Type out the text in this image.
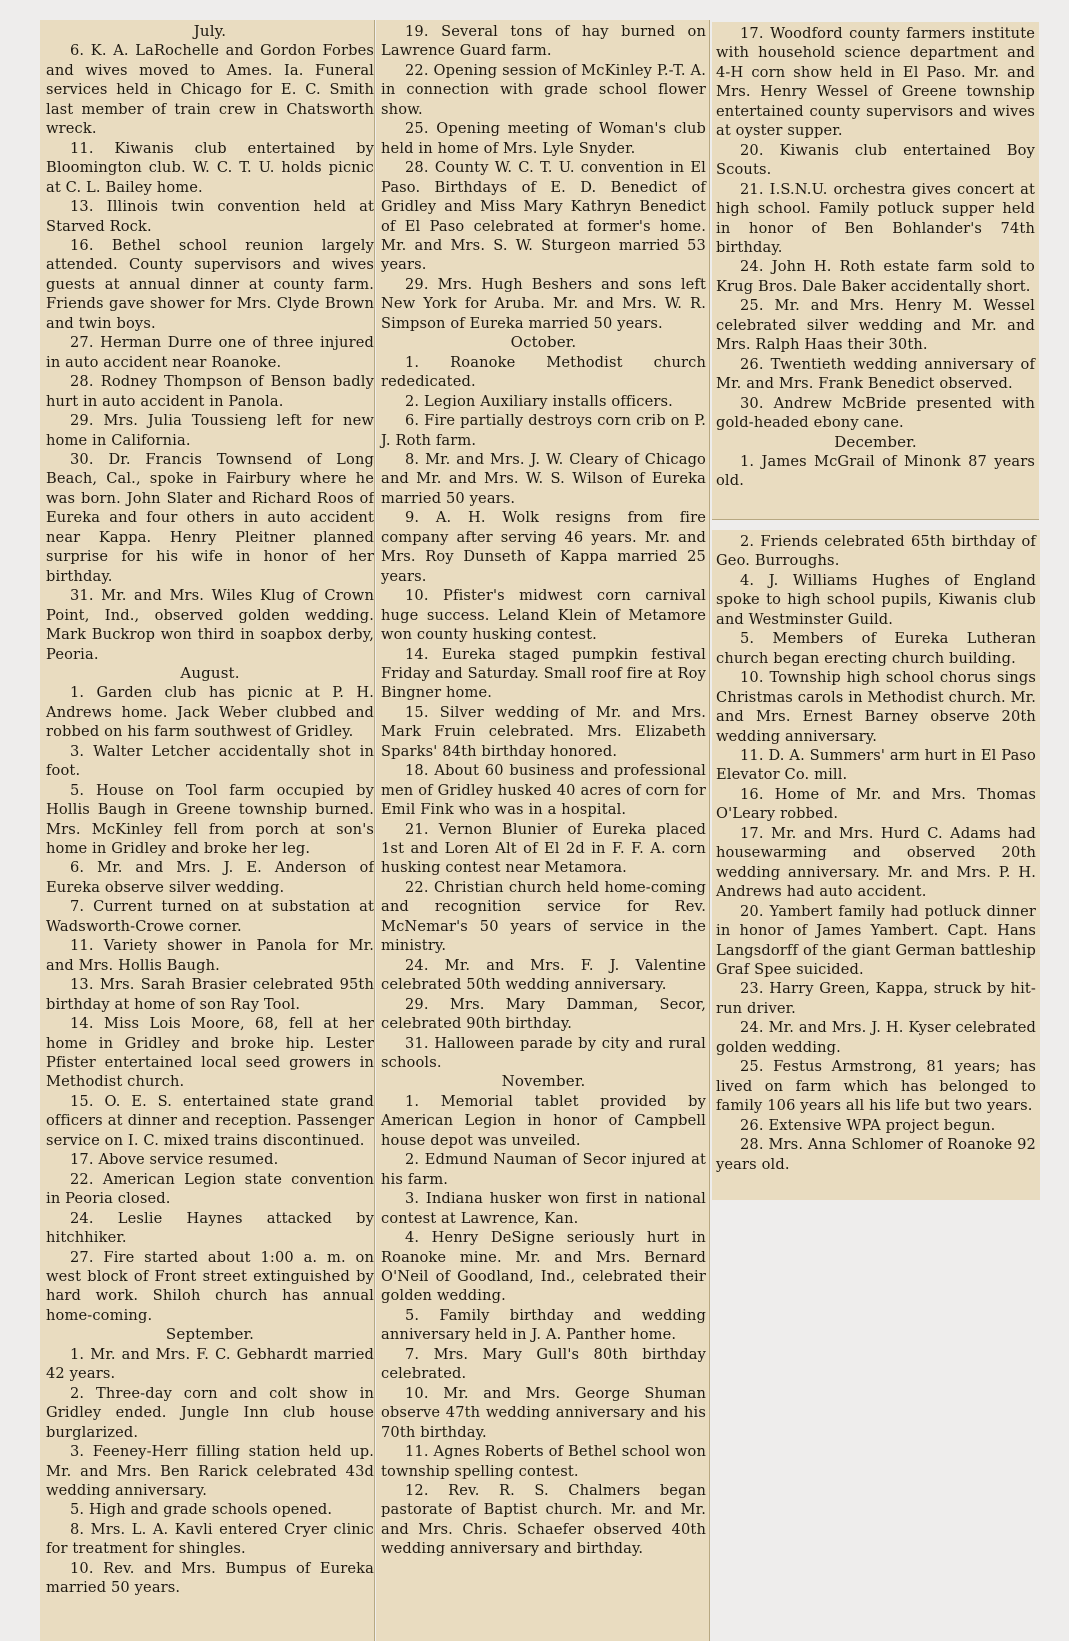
July.

6. K. A. LaRochelle and Gordon Forbes and wives moved to Ames. Ia. Funeral services held in Chicago for E. C. Smith last member of train crew in Chatsworth wreck.

11. Kiwanis club entertained by Bloomington club. W. C. T. U. holds picnic at C. L. Bailey home.

13. Illinois twin convention held at Starved Rock.

16. Bethel school reunion largely attended. County supervisors and wives guests at annual dinner at county farm. Friends gave shower for Mrs. Clyde Brown and twin boys.

27. Herman Durre one of three injured in auto accident near Roanoke.

28. Rodney Thompson of Benson badly hurt in auto accident in Panola.

29. Mrs. Julia Toussieng left for new home in California.

30. Dr. Francis Townsend of Long Beach, Cal., spoke in Fairbury where he was born. John Slater and Richard Roos of Eureka and four others in auto accident near Kappa. Henry Pleitner planned surprise for his wife in honor of her birthday.

31. Mr. and Mrs. Wiles Klug of Crown Point, Ind., observed golden wedding. Mark Buckrop won third in soapbox derby, Peoria.

August.

1. Garden club has picnic at P. H. Andrews home. Jack Weber clubbed and robbed on his farm southwest of Gridley.

3. Walter Letcher accidentally shot in foot.

5. House on Tool farm occupied by Hollis Baugh in Greene township burned. Mrs. McKinley fell from porch at son's home in Gridley and broke her leg.

6. Mr. and Mrs. J. E. Anderson of Eureka observe silver wedding.

7. Current turned on at substation at Wadsworth-Crowe corner.

11. Variety shower in Panola for Mr. and Mrs. Hollis Baugh.

13. Mrs. Sarah Brasier celebrated 95th birthday at home of son Ray Tool.

14. Miss Lois Moore, 68, fell at her home in Gridley and broke hip. Lester Pfister entertained local seed growers in Methodist church.

15. O. E. S. entertained state grand officers at dinner and reception. Passenger service on I. C. mixed trains discontinued.

17. Above service resumed.

22. American Legion state convention in Peoria closed.

24. Leslie Haynes attacked by hitchhiker.

27. Fire started about 1:00 a. m. on west block of Front street extinguished by hard work. Shiloh church has annual home-coming.

September.

1. Mr. and Mrs. F. C. Gebhardt married 42 years.

2. Three-day corn and colt show in Gridley ended. Jungle Inn club house burglarized.

3. Feeney-Herr filling station held up. Mr. and Mrs. Ben Rarick celebrated 43d wedding anniversary.

5. High and grade schools opened.

8. Mrs. L. A. Kavli entered Cryer clinic for treatment for shingles.

10. Rev. and Mrs. Bumpus of Eureka married 50 years.

19. Several tons of hay burned on Lawrence Guard farm.

22. Opening session of McKinley P.-T. A. in connection with grade school flower show.

25. Opening meeting of Woman's club held in home of Mrs. Lyle Snyder.

28. County W. C. T. U. convention in El Paso. Birthdays of E. D. Benedict of Gridley and Miss Mary Kathryn Benedict of El Paso celebrated at former's home. Mr. and Mrs. S. W. Sturgeon married 53 years.

29. Mrs. Hugh Beshers and sons left New York for Aruba. Mr. and Mrs. W. R. Simpson of Eureka married 50 years.

October.

1. Roanoke Methodist church rededicated.

2. Legion Auxiliary installs officers.

6. Fire partially destroys corn crib on P. J. Roth farm.

8. Mr. and Mrs. J. W. Cleary of Chicago and Mr. and Mrs. W. S. Wilson of Eureka married 50 years.

9. A. H. Wolk resigns from fire company after serving 46 years. Mr. and Mrs. Roy Dunseth of Kappa married 25 years.

10. Pfister's midwest corn carnival huge success. Leland Klein of Metamore won county husking contest.

14. Eureka staged pumpkin festival Friday and Saturday. Small roof fire at Roy Bingner home.

15. Silver wedding of Mr. and Mrs. Mark Fruin celebrated. Mrs. Elizabeth Sparks' 84th birthday honored.

18. About 60 business and professional men of Gridley husked 40 acres of corn for Emil Fink who was in a hospital.

21. Vernon Blunier of Eureka placed 1st and Loren Alt of El 2d in F. F. A. corn husking contest near Metamora.

22. Christian church held home-coming and recognition service for Rev. McNemar's 50 years of service in the ministry.

24. Mr. and Mrs. F. J. Valentine celebrated 50th wedding anniversary.

29. Mrs. Mary Damman, Secor, celebrated 90th birthday.

31. Halloween parade by city and rural schools.

November.

1. Memorial tablet provided by American Legion in honor of Campbell house depot was unveiled.

2. Edmund Nauman of Secor injured at his farm.

3. Indiana husker won first in national contest at Lawrence, Kan.

4. Henry DeSigne seriously hurt in Roanoke mine. Mr. and Mrs. Bernard O'Neil of Goodland, Ind., celebrated their golden wedding.

5. Family birthday and wedding anniversary held in J. A. Panther home.

7. Mrs. Mary Gull's 80th birthday celebrated.

10. Mr. and Mrs. George Shuman observe 47th wedding anniversary and his 70th birthday.

11. Agnes Roberts of Bethel school won township spelling contest.

12. Rev. R. S. Chalmers began pastorate of Baptist church. Mr. and Mr. and Mrs. Chris. Schaefer observed 40th wedding anniversary and birthday.

17. Woodford county farmers institute with household science department and 4-H corn show held in El Paso. Mr. and Mrs. Henry Wessel of Greene township entertained county supervisors and wives at oyster supper.

20. Kiwanis club entertained Boy Scouts.

21. I.S.N.U. orchestra gives concert at high school. Family potluck supper held in honor of Ben Bohlander's 74th birthday.

24. John H. Roth estate farm sold to Krug Bros. Dale Baker accidentally short.

25. Mr. and Mrs. Henry M. Wessel celebrated silver wedding and Mr. and Mrs. Ralph Haas their 30th.

26. Twentieth wedding anniversary of Mr. and Mrs. Frank Benedict observed.

30. Andrew McBride presented with gold-headed ebony cane.

December.

1. James McGrail of Minonk 87 years old.

2. Friends celebrated 65th birthday of Geo. Burroughs.

4. J. Williams Hughes of England spoke to high school pupils, Kiwanis club and Westminster Guild.

5. Members of Eureka Lutheran church began erecting church building.

10. Township high school chorus sings Christmas carols in Methodist church. Mr. and Mrs. Ernest Barney observe 20th wedding anniversary.

11. D. A. Summers' arm hurt in El Paso Elevator Co. mill.

16. Home of Mr. and Mrs. Thomas O'Leary robbed.

17. Mr. and Mrs. Hurd C. Adams had housewarming and observed 20th wedding anniversary. Mr. and Mrs. P. H. Andrews had auto accident.

20. Yambert family had potluck dinner in honor of James Yambert. Capt. Hans Langsdorff of the giant German battleship Graf Spee suicided.

23. Harry Green, Kappa, struck by hit-run driver.

24. Mr. and Mrs. J. H. Kyser celebrated golden wedding.

25. Festus Armstrong, 81 years; has lived on farm which has belonged to family 106 years all his life but two years.

26. Extensive WPA project begun.

28. Mrs. Anna Schlomer of Roanoke 92 years old.
